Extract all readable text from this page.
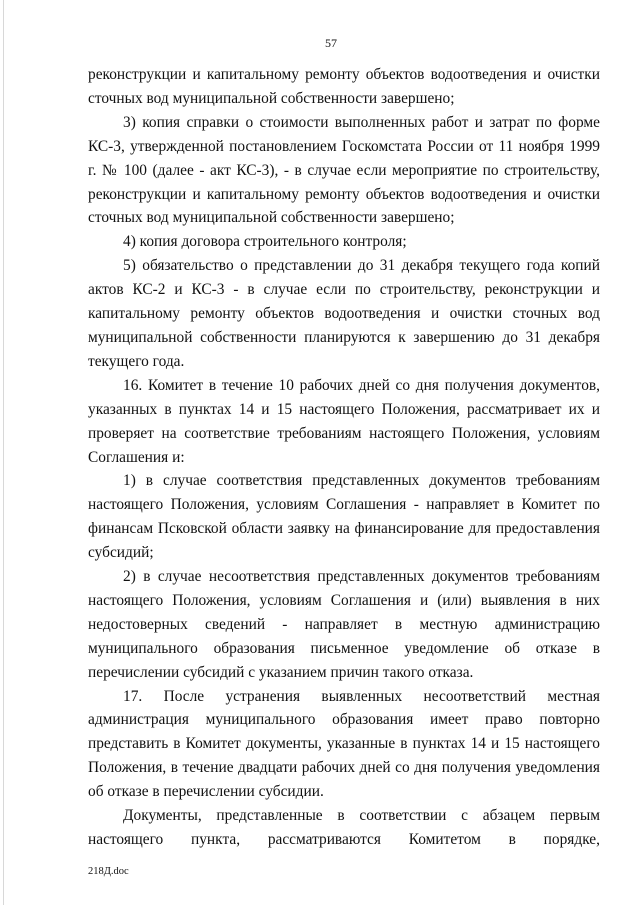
57

реконструкции и капитальному ремонту объектов водоотведения и очистки сточных вод муниципальной собственности завершено;

3) копия справки о стоимости выполненных работ и затрат по форме КС-3, утвержденной постановлением Госкомстата России от 11 ноября 1999 г. № 100 (далее - акт КС-3), - в случае если мероприятие по строительству, реконструкции и капитальному ремонту объектов водоотведения и очистки сточных вод муниципальной собственности завершено;

4) копия договора строительного контроля;

5) обязательство о представлении до 31 декабря текущего года копий актов КС-2 и КС-3 - в случае если по строительству, реконструкции и капитальному ремонту объектов водоотведения и очистки сточных вод муниципальной собственности планируются к завершению до 31 декабря текущего года.

16. Комитет в течение 10 рабочих дней со дня получения документов, указанных в пунктах 14 и 15 настоящего Положения, рассматривает их и проверяет на соответствие требованиям настоящего Положения, условиям Соглашения и:

1) в случае соответствия представленных документов требованиям настоящего Положения, условиям Соглашения - направляет в Комитет по финансам Псковской области заявку на финансирование для предоставления субсидий;

2) в случае несоответствия представленных документов требованиям настоящего Положения, условиям Соглашения и (или) выявления в них недостоверных сведений - направляет в местную администрацию муниципального образования письменное уведомление об отказе в перечислении субсидий с указанием причин такого отказа.

17. После устранения выявленных несоответствий местная администрация муниципального образования имеет право повторно представить в Комитет документы, указанные в пунктах 14 и 15 настоящего Положения, в течение двадцати рабочих дней со дня получения уведомления об отказе в перечислении субсидии.

Документы, представленные в соответствии с абзацем первым настоящего пункта, рассматриваются Комитетом в порядке,

218Д.doc
